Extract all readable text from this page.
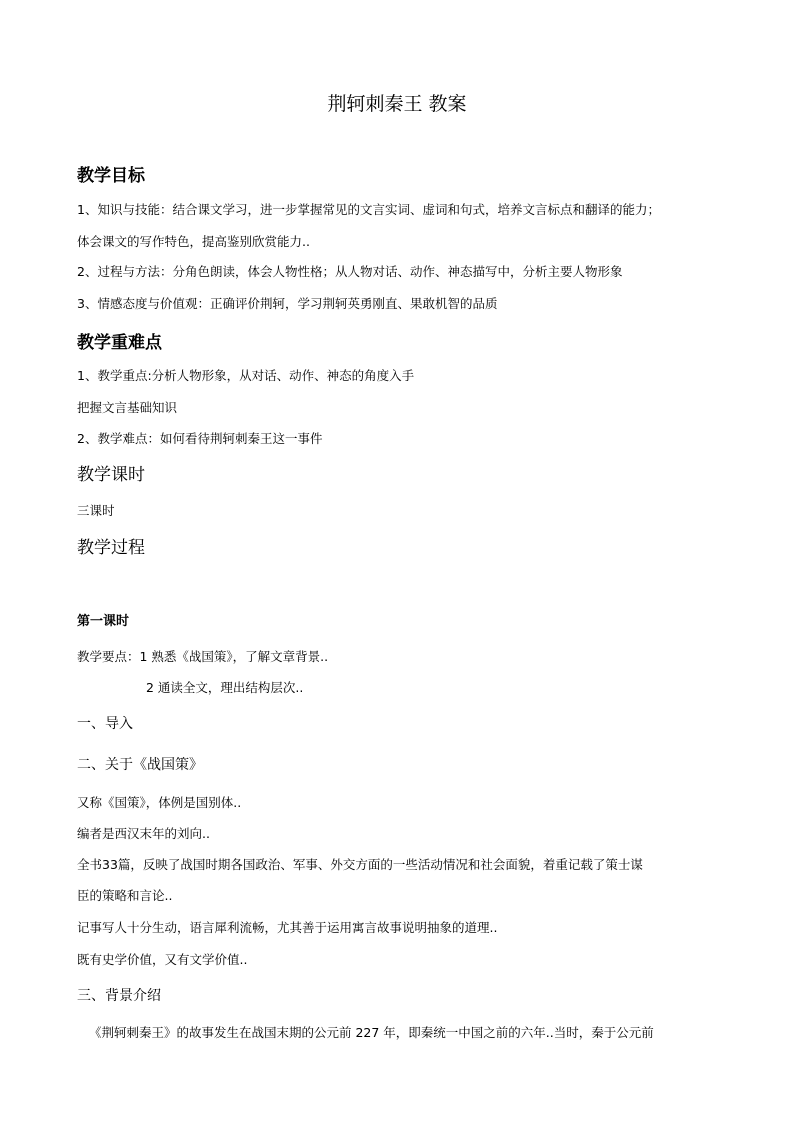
荆轲刺秦王 教案
教学目标
1、知识与技能：结合课文学习，进一步掌握常见的文言实词、虚词和句式，培养文言标点和翻译的能力；
体会课文的写作特色，提高鉴别欣赏能力..
2、过程与方法：分角色朗读，体会人物性格；从人物对话、动作、神态描写中，分析主要人物形象
3、情感态度与价值观：正确评价荆轲，学习荆轲英勇刚直、果敢机智的品质
教学重难点
1、教学重点:分析人物形象，从对话、动作、神态的角度入手
把握文言基础知识
2、教学难点：如何看待荆轲刺秦王这一事件
教学课时
三课时
教学过程
第一课时
教学要点：1 熟悉《战国策》，了解文章背景..
2 通读全文，理出结构层次..
一、导入
二、关于《战国策》
又称《国策》，体例是国别体..
编者是西汉末年的刘向..
全书33篇，反映了战国时期各国政治、军事、外交方面的一些活动情况和社会面貌，着重记载了策士谋
臣的策略和言论..
记事写人十分生动，语言犀利流畅，尤其善于运用寓言故事说明抽象的道理..
既有史学价值，又有文学价值..
三、背景介绍
《荆轲刺秦王》的故事发生在战国末期的公元前 227 年，即秦统一中国之前的六年..当时，秦于公元前
